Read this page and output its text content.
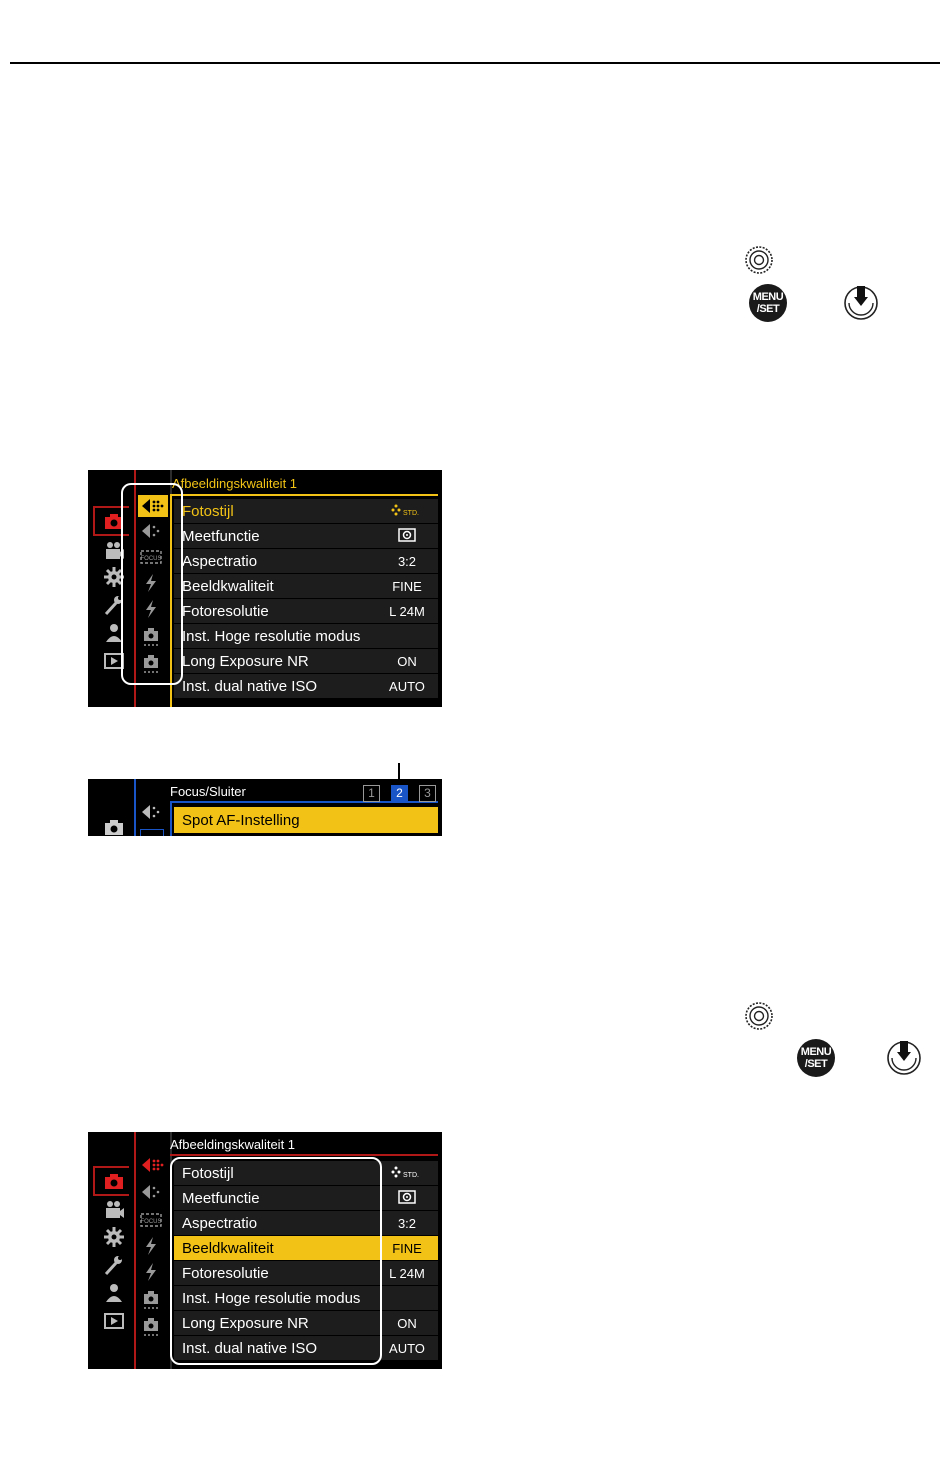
MENU
/SET
FOCUS
Afbeeldingskwaliteit 1
Fotostijl	STD.
Meetfunctie
Aspectratio	3:2
Beeldkwaliteit	FINE
Fotoresolutie	L 24M
Inst. Hoge resolutie modus
Long Exposure NR	ON
Inst. dual native ISO	AUTO
Focus/Sluiter	1	2	3
Spot AF-Instelling
MENU
/SET
FOCUS
Afbeeldingskwaliteit 1
Fotostijl	STD.
Meetfunctie
Aspectratio	3:2
Beeldkwaliteit	FINE
Fotoresolutie	L 24M
Inst. Hoge resolutie modus
Long Exposure NR	ON
Inst. dual native ISO	AUTO
